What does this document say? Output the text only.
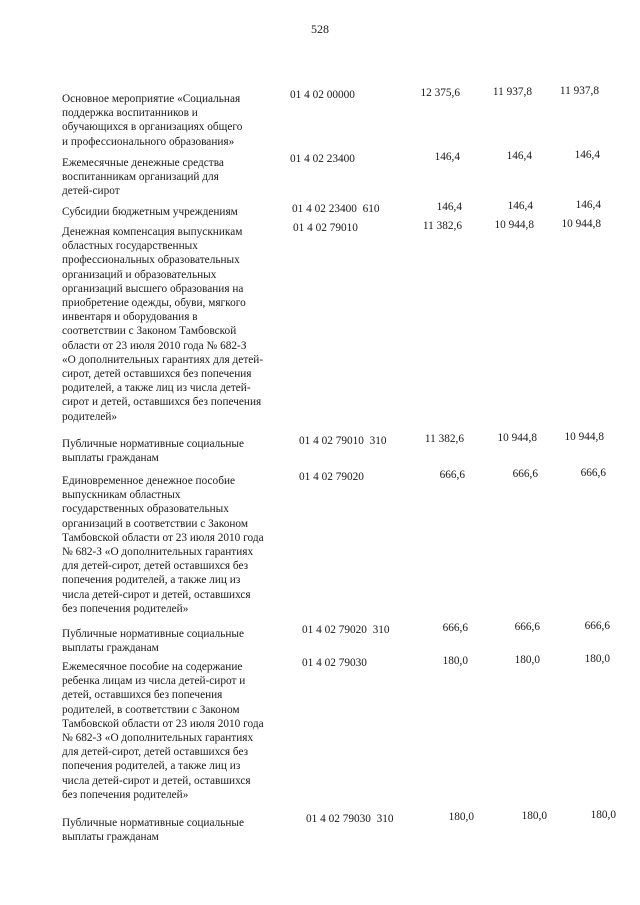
528
Основное мероприятие «Социальная
поддержка воспитанников и
обучающихся в организациях общего
и профессионального образования»
01 4 02 00000	12 375,6	11 937,8	11 937,8
Ежемесячные денежные средства
воспитанникам организаций для
детей-сирот
01 4 02 23400	146,4	146,4	146,4
Субсидии бюджетным учреждениям	01 4 02 23400  610	146,4	146,4	146,4
Денежная компенсация выпускникам
областных государственных
профессиональных образовательных
организаций и образовательных
организаций высшего образования на
приобретение одежды, обуви, мягкого
инвентаря и оборудования в
соответствии с Законом Тамбовской
области от 23 июля 2010 года № 682-З
«О дополнительных гарантиях для детей-
сирот, детей оставшихся без попечения
родителей, а также лиц из числа детей-
сирот и детей, оставшихся без попечения
родителей»
01 4 02 79010	11 382,6	10 944,8	10 944,8
Публичные нормативные социальные
выплаты гражданам
01 4 02 79010  310	11 382,6	10 944,8	10 944,8
Единовременное денежное пособие
выпускникам областных
государственных образовательных
организаций в соответствии с Законом
Тамбовской области от 23 июля 2010 года
№ 682-З «О дополнительных гарантиях
для детей-сирот, детей оставшихся без
попечения родителей, а также лиц из
числа детей-сирот и детей, оставшихся
без попечения родителей»
01 4 02 79020	666,6	666,6	666,6
Публичные нормативные социальные
выплаты гражданам
01 4 02 79020  310	666,6	666,6	666,6
Ежемесячное пособие на содержание
ребенка лицам из числа детей-сирот и
детей, оставшихся без попечения
родителей, в соответствии с Законом
Тамбовской области от 23 июля 2010 года
№ 682-З «О дополнительных гарантиях
для детей-сирот, детей оставшихся без
попечения родителей, а также лиц из
числа детей-сирот и детей, оставшихся
без попечения родителей»
01 4 02 79030	180,0	180,0	180,0
Публичные нормативные социальные
выплаты гражданам
01 4 02 79030  310	180,0	180,0	180,0
